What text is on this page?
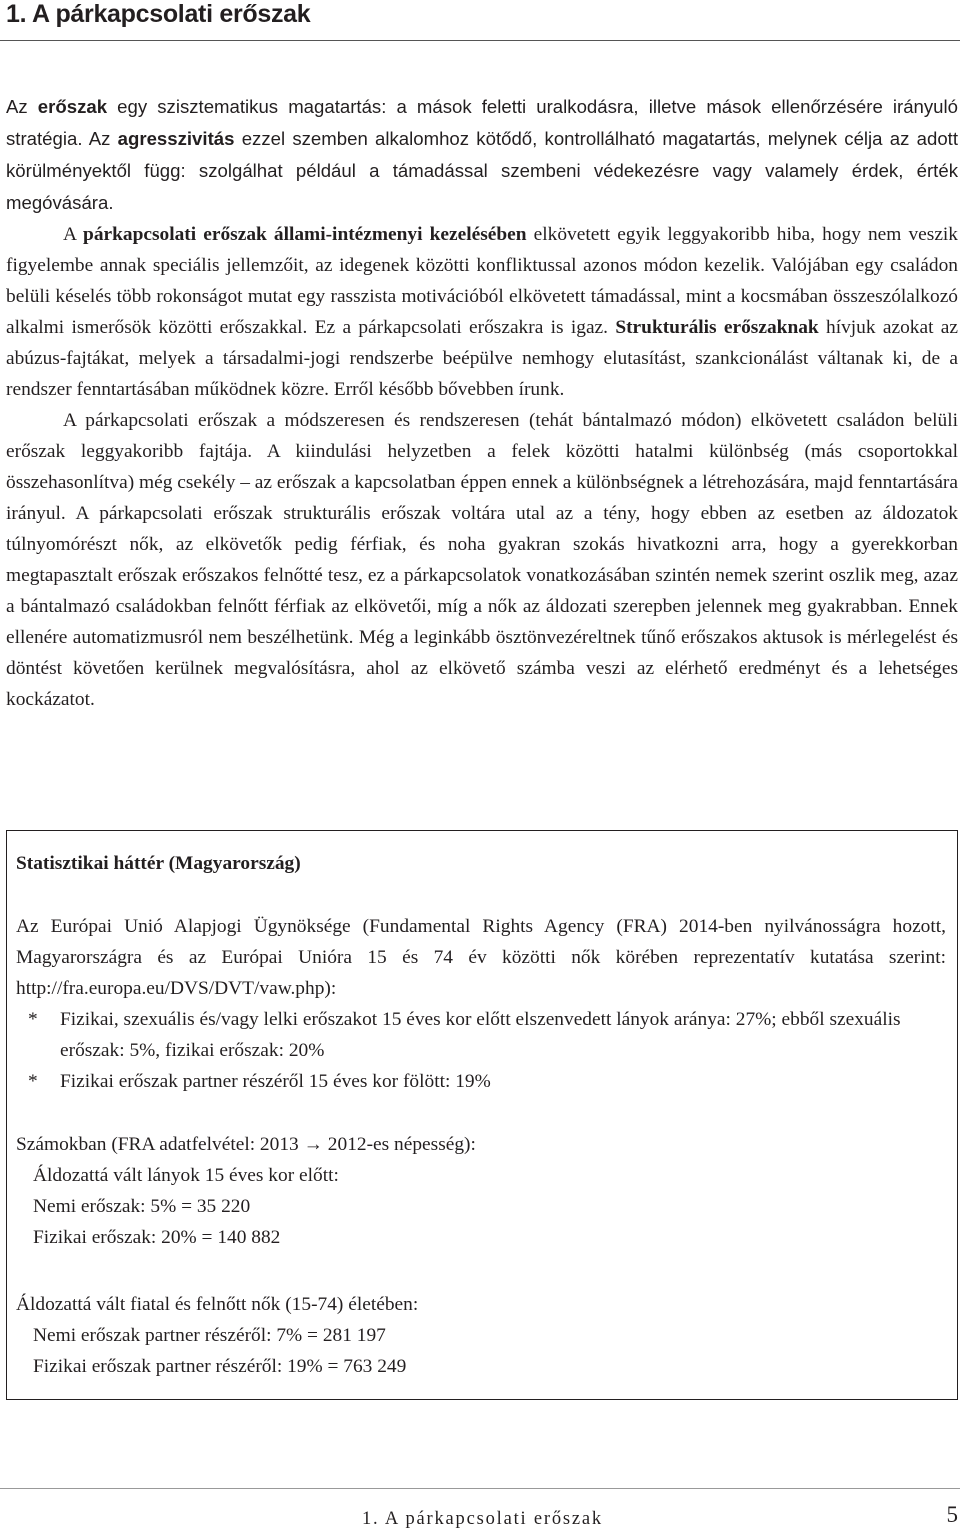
1. A párkapcsolati erőszak

Az erőszak egy szisztematikus magatartás: a mások feletti uralkodásra, illetve mások ellenőrzésére irányuló stratégia. Az agresszivitás ezzel szemben alkalomhoz kötődő, kontrollálható magatartás, melynek célja az adott körülményektől függ: szolgálhat például a támadással szembeni védekezésre vagy valamely érdek, érték megóvására.

A párkapcsolati erőszak állami-intézmenyi kezelésében elkövetett egyik leggyakoribb hiba, hogy nem veszik figyelembe annak speciális jellemzőit, az idegenek közötti konfliktussal azonos módon kezelik. Valójában egy családon belüli késelés több rokonságot mutat egy rasszista motivációból elkövetett támadással, mint a kocsmában összeszólalkozó alkalmi ismerősök közötti erőszakkal. Ez a párkapcsolati erőszakra is igaz. Strukturális erőszaknak hívjuk azokat az abúzus-fajtákat, melyek a társadalmi-jogi rendszerbe beépülve nemhogy elutasítást, szankcionálást váltanak ki, de a rendszer fenntartásában működnek közre. Erről később bővebben írunk.

A párkapcsolati erőszak a módszeresen és rendszeresen (tehát bántalmazó módon) elkövetett családon belüli erőszak leggyakoribb fajtája. A kiindulási helyzetben a felek közötti hatalmi különbség (más csoportokkal összehasonlítva) még csekély – az erőszak a kapcsolatban éppen ennek a különbségnek a létrehozására, majd fenntartására irányul. A párkapcsolati erőszak strukturális erőszak voltára utal az a tény, hogy ebben az esetben az áldozatok túlnyomórészt nők, az elkövetők pedig férfiak, és noha gyakran szokás hivatkozni arra, hogy a gyerekkorban megtapasztalt erőszak erőszakos felnőtté tesz, ez a párkapcsolatok vonatkozásában szintén nemek szerint oszlik meg, azaz a bántalmazó családokban felnőtt férfiak az elkövetői, míg a nők az áldozati szerepben jelennek meg gyakrabban. Ennek ellenére automatizmusról nem beszélhetünk. Még a leginkább ösztönvezéreltnek tűnő erőszakos aktusok is mérlegelést és döntést követően kerülnek megvalósításra, ahol az elkövető számba veszi az elérhető eredményt és a lehetséges kockázatot.

Statisztikai háttér (Magyarország)

Az Európai Unió Alapjogi Ügynöksége (Fundamental Rights Agency (FRA) 2014-ben nyilvánosságra hozott, Magyarországra és az Európai Unióra 15 és 74 év közötti nők körében reprezentatív kutatása szerint: http://fra.europa.eu/DVS/DVT/vaw.php):

*	Fizikai, szexuális és/vagy lelki erőszakot 15 éves kor előtt elszenvedett lányok aránya: 27%; ebből szexuális erőszak: 5%, fizikai erőszak: 20%
*	Fizikai erőszak partner részéről 15 éves kor fölött: 19%
Számokban (FRA adatfelvétel: 2013 → 2012-es népesség):
Áldozattá vált lányok 15 éves kor előtt:
Nemi erőszak: 5% = 35 220
Fizikai erőszak: 20% = 140 882
Áldozattá vált fiatal és felnőtt nők (15-74) életében:
Nemi erőszak partner részéről: 7% = 281 197
Fizikai erőszak partner részéről: 19% = 763 249
1. A párkapcsolati erőszak	5
